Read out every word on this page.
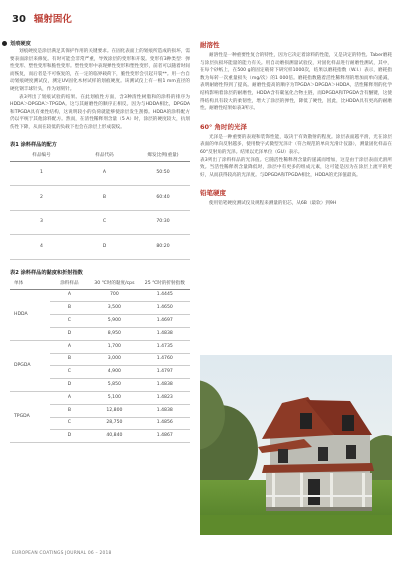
30 辐射固化
划痕硬度

划痕硬度是涂层满足其保护作用的关键要求。在固化表面上的划痕所造成的损坏，需要表面涂层来修复。有时可能会非常严重，导致涂层的变形和开裂。变形有3种类型：弹性变形、塑性变形和脆性变形。塑性变形中表现弹性变形和塑性变形，前者可以随着时间而恢复，而后者是不可恢复的，在一定的临界载荷下，脆性变形会引起开裂**。用一台自动划痕硬度测试仪，测定UV固化木材试样的划痕硬度。该测试仪上有一根1 mm直径的硬化钢丰球针头，作为划刻针。

表3列出了划痕试验的结果。在此划痕性方面，含3种清性树脂和的涂料的排序为HDDA＞DPGDA＞TPGDA。这与其耐磨性的顺序正相反。因为与HDDA相比，DPGDA和TPGDA具有柔性结构，这说明较小的负荷就能够使涂层发生刮擦。HDDA的涂料配方仍以平统于其他涂料配方。然而，在清性稀释剂含量（5 A）时，涂层的硬度较大，抗划伤性下降，从而在较低的负载下也会在涂层上形成裂纹。

表1 涂料样品的配方
样品编号	样品代码	爆发比例(重量)
1	A	50:50
2	B	60:40
3	C	70:30
4	D	80:20
表2 涂料样品的黏度和折射指数
单体	涂料样品	30 ℃时的黏度/cps	25 ℃时的折射指数
HDDA	A	700	1.4445
	B	3,500	1.4650
	C	5,900	1.4697
	D	8,950	1.4838
DPGDA	A	1,700	1.4735
	B	3,000	1.4760
	C	4,900	1.4797
	D	5,850	1.4838
TPGDA	A	5,100	1.4823
	B	12,800	1.4838
	C	28,750	1.4856
	D	40,840	1.4867
耐溶性

耐溶性是一种重要性复合的特性，因为它决定着涂料的性能，又是决定的特性。Taber磨耗与涂层抗损坏能量的能力有关。用自动磨损测量试验仪，对固化样品进行耐磨性测试，其中，在每个砂纸上，在500 g的固定载荷下研究样1000次，结果以磨耗指数（W.I.）表示，磨耗指数为每转一次重量损失（mg/次）的1 000倍。磨耗指数随着活性稀释剂的增加而单向递减，表明耐磨性得到了提高。耐磨性提高的顺序为TPGDA＞DPGDA＞HDDA，活性稀释剂的化学结构影响着涂层的耐磨性，HDDA含有碳氢化合物主链，而DPGDA和TPGDA含有醚键，这使得结构具有较大的柔韧性，增大了涂层的弹性，降低了硬性，因此，比HDDA具有更高的耐磨性。耐磨性结果如表3所示。

60° 角时的光泽

光泽是一种重要的表观和装饰性能，取决于有效散射的程度。涂层表面越平滑，光在涂层表面的单向反射越多，使用数字式微型光泽计（符合规范的单向光滑计仪器），测量固化样品在60°反射角的光泽。结果以光泽单位（GU）表示。
表3列出了涂料样品的光泽值。它随活性稀释剂含量的递减而增加，这是由于涂层表面光滑所致。当活性稀释剂含量降低时，涂层中有更多的组成元素，这可能是因为在涂层上流平的更好，从而获得较高的光泽度。与DPGDA和TPGDA相比，HDDA的光泽值最高。

铅笔硬度

使用铅笔硬度测试仪及规程来测量的铅芯，从6B（最软）到9H

EUROPEAN COATINGS JOURNAL 06 – 2018
